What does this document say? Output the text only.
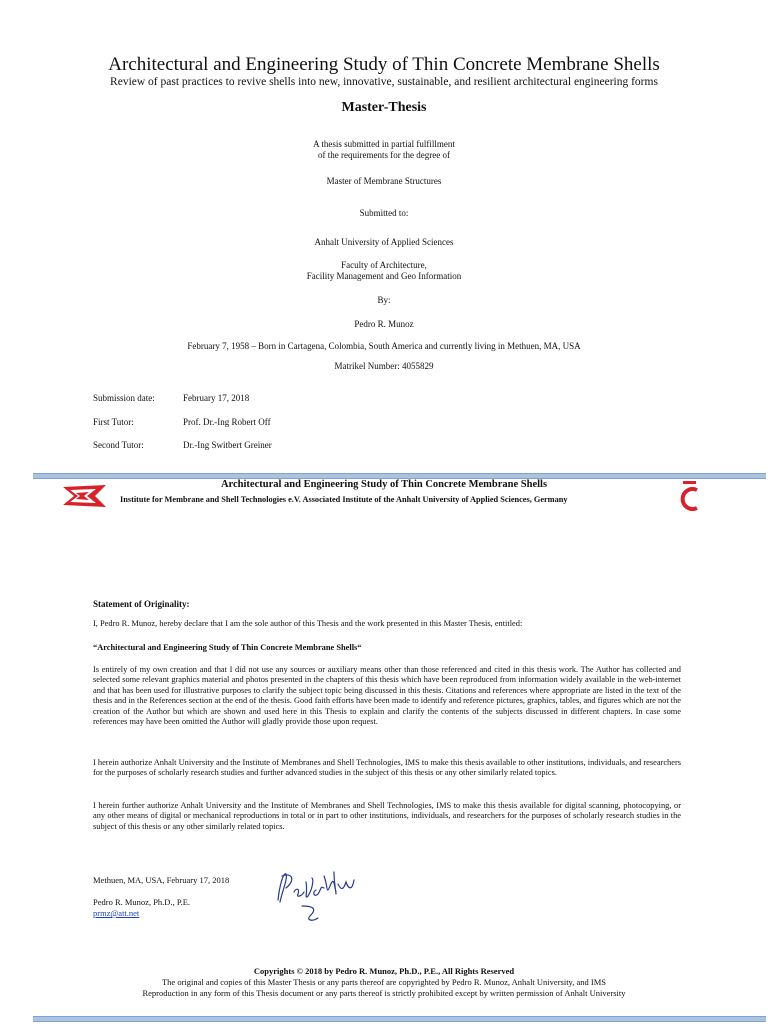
Architectural and Engineering Study of Thin Concrete Membrane Shells
Review of past practices to revive shells into new, innovative, sustainable, and resilient architectural engineering forms
Master-Thesis
A thesis submitted in partial fulfillment
of the requirements for the degree of
Master of Membrane Structures
Submitted to:
Anhalt University of Applied Sciences
Faculty of Architecture,
Facility Management and Geo Information
By:
Pedro R. Munoz
February 7, 1958 – Born in Cartagena, Colombia, South America and currently living in Methuen, MA, USA
Matrikel Number: 4055829
Submission date:	February 17, 2018
First Tutor:	Prof. Dr.-Ing Robert Off
Second Tutor:	Dr.-Ing Switbert Greiner
Architectural and Engineering Study of Thin Concrete Membrane Shells
Institute for Membrane and Shell Technologies e.V. Associated Institute of the Anhalt University of Applied Sciences, Germany
Statement of Originality:
I, Pedro R. Munoz, hereby declare that I am the sole author of this Thesis and the work presented in this Master Thesis, entitled:
“Architectural and Engineering Study of Thin Concrete Membrane Shells“
Is entirely of my own creation and that I did not use any sources or auxiliary means other than those referenced and cited in this thesis work. The Author has collected and selected some relevant graphics material and photos presented in the chapters of this thesis which have been reproduced from information widely available in the web-internet and that has been used for illustrative purposes to clarify the subject topic being discussed in this thesis. Citations and references where appropriate are listed in the text of the thesis and in the References section at the end of the thesis. Good faith efforts have been made to identify and reference pictures, graphics, tables, and figures which are not the creation of the Author but which are shown and used here in this Thesis to explain and clarify the contents of the subjects discussed in different chapters. In case some references may have been omitted the Author will gladly provide those upon request.
I herein authorize Anhalt University and the Institute of Membranes and Shell Technologies, IMS to make this thesis available to other institutions, individuals, and researchers for the purposes of scholarly research studies and further advanced studies in the subject of this thesis or any other similarly related topics.
I herein further authorize Anhalt University and the Institute of Membranes and Shell Technologies, IMS to make this thesis available for digital scanning, photocopying, or any other means of digital or mechanical reproductions in total or in part to other institutions, individuals, and researchers for the purposes of scholarly research studies in the subject of this thesis or any other similarly related topics.
Methuen, MA, USA, February 17, 2018
Pedro R. Munoz, Ph.D., P.E.
prmz@att.net
Copyrights © 2018 by Pedro R. Munoz, Ph.D., P.E., All Rights Reserved
The original and copies of this Master Thesis or any parts thereof are copyrighted by Pedro R. Munoz, Anhalt University, and IMS
Reproduction in any form of this Thesis document or any parts thereof is strictly prohibited except by written permission of Anhalt University
